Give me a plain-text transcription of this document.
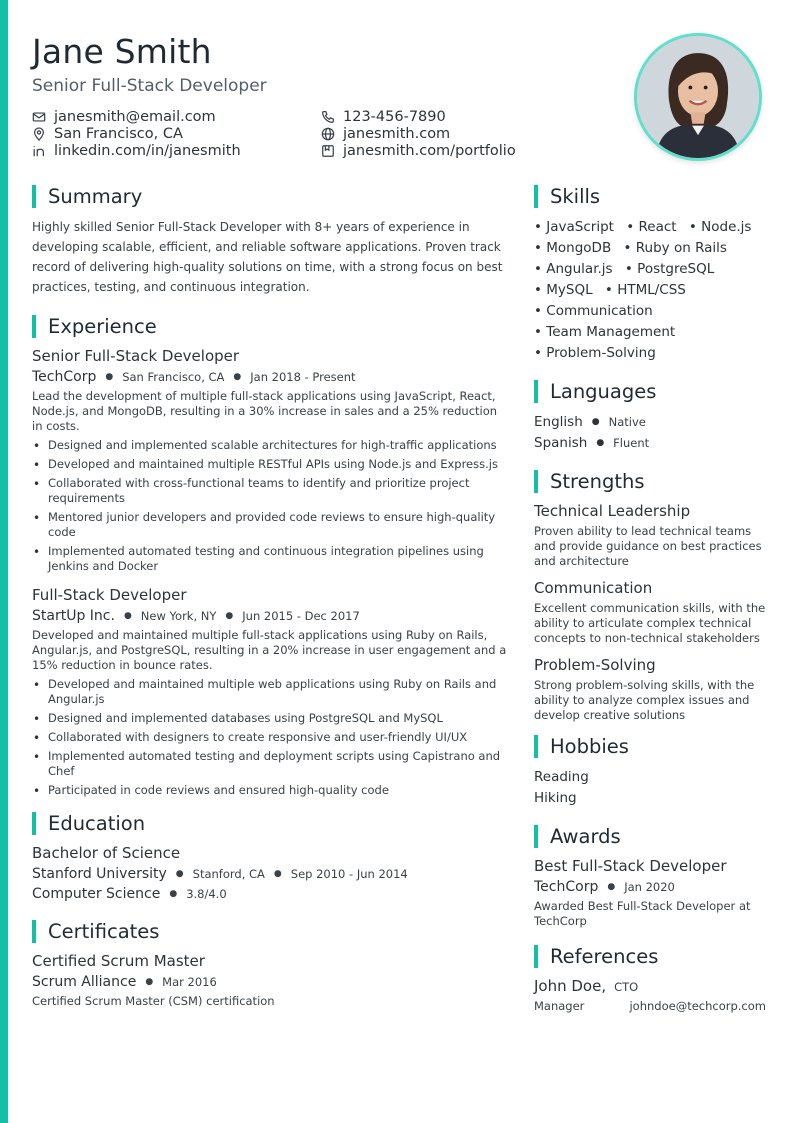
Jane Smith
Senior Full-Stack Developer
janesmith@email.com
San Francisco, CA
linkedin.com/in/janesmith
123-456-7890
janesmith.com
janesmith.com/portfolio
Summary

Highly skilled Senior Full-Stack Developer with 8+ years of experience in developing scalable, efficient, and reliable software applications. Proven track record of delivering high-quality solutions on time, with a strong focus on best practices, testing, and continuous integration.

Experience
Senior Full-Stack Developer
TechCorp ● San Francisco, CA ● Jan 2018 - Present

Lead the development of multiple full-stack applications using JavaScript, React, Node.js, and MongoDB, resulting in a 30% increase in sales and a 25% reduction in costs.

• Designed and implemented scalable architectures for high-traffic applications
• Developed and maintained multiple RESTful APIs using Node.js and Express.js
• Collaborated with cross-functional teams to identify and prioritize project requirements
• Mentored junior developers and provided code reviews to ensure high-quality code
• Implemented automated testing and continuous integration pipelines using Jenkins and Docker
Full-Stack Developer
StartUp Inc. ● New York, NY ● Jun 2015 - Dec 2017

Developed and maintained multiple full-stack applications using Ruby on Rails, Angular.js, and PostgreSQL, resulting in a 20% increase in user engagement and a 15% reduction in bounce rates.

• Developed and maintained multiple web applications using Ruby on Rails and Angular.js
• Designed and implemented databases using PostgreSQL and MySQL
• Collaborated with designers to create responsive and user-friendly UI/UX
• Implemented automated testing and deployment scripts using Capistrano and Chef
• Participated in code reviews and ensured high-quality code
Education
Bachelor of Science
Stanford University ● Stanford, CA ● Sep 2010 - Jun 2014
Computer Science ● 3.8/4.0
Certificates
Certified Scrum Master
Scrum Alliance ● Mar 2016

Certified Scrum Master (CSM) certification

Skills
• JavaScript • React • Node.js
• MongoDB • Ruby on Rails
• Angular.js • PostgreSQL
• MySQL • HTML/CSS
• Communication
• Team Management
• Problem-Solving
Languages
English ● Native
Spanish ● Fluent
Strengths
Technical Leadership

Proven ability to lead technical teams and provide guidance on best practices and architecture

Communication

Excellent communication skills, with the ability to articulate complex technical concepts to non-technical stakeholders

Problem-Solving

Strong problem-solving skills, with the ability to analyze complex issues and develop creative solutions

Hobbies
Reading
Hiking
Awards
Best Full-Stack Developer
TechCorp ● Jan 2020

Awarded Best Full-Stack Developer at TechCorp

References
John Doe, CTO
Manager	johndoe@techcorp.com
